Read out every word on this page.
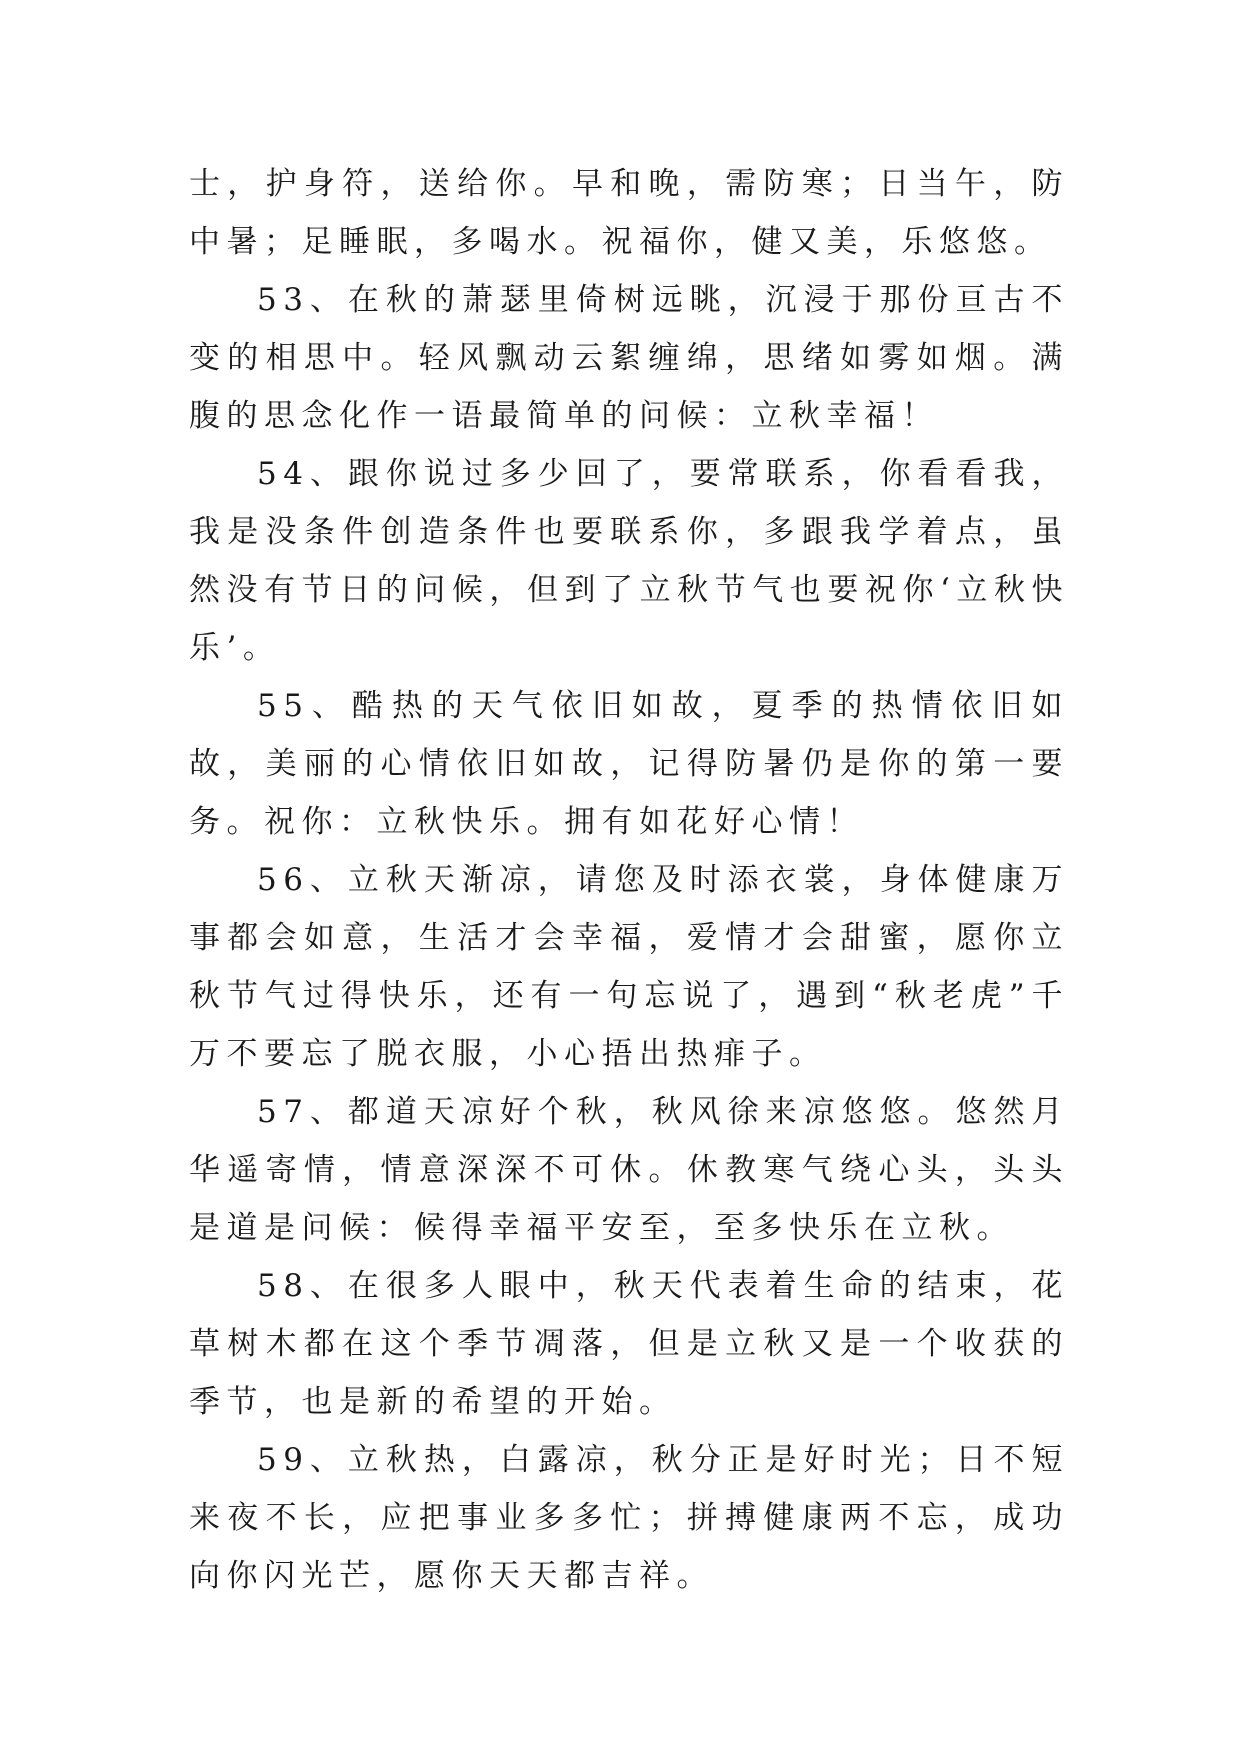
士，护身符，送给你。早和晚，需防寒；日当午，防中暑；足睡眠，多喝水。祝福你，健又美，乐悠悠。

53、在秋的萧瑟里倚树远眺，沉浸于那份亘古不变的相思中。轻风飘动云絮缠绵，思绪如雾如烟。满腹的思念化作一语最简单的问候：立秋幸福！

54、跟你说过多少回了，要常联系，你看看我，我是没条件创造条件也要联系你，多跟我学着点，虽然没有节日的问候，但到了立秋节气也要祝你‘立秋快乐’。

55、酷热的天气依旧如故，夏季的热情依旧如故，美丽的心情依旧如故，记得防暑仍是你的第一要务。祝你：立秋快乐。拥有如花好心情！

56、立秋天渐凉，请您及时添衣裳，身体健康万事都会如意，生活才会幸福，爱情才会甜蜜，愿你立秋节气过得快乐，还有一句忘说了，遇到“秋老虎”千万不要忘了脱衣服，小心捂出热痱子。

57、都道天凉好个秋，秋风徐来凉悠悠。悠然月华遥寄情，情意深深不可休。休教寒气绕心头，头头是道是问候：候得幸福平安至，至多快乐在立秋。

58、在很多人眼中，秋天代表着生命的结束，花草树木都在这个季节凋落，但是立秋又是一个收获的季节，也是新的希望的开始。

59、立秋热，白露凉，秋分正是好时光；日不短来夜不长，应把事业多多忙；拼搏健康两不忘，成功向你闪光芒，愿你天天都吉祥。
